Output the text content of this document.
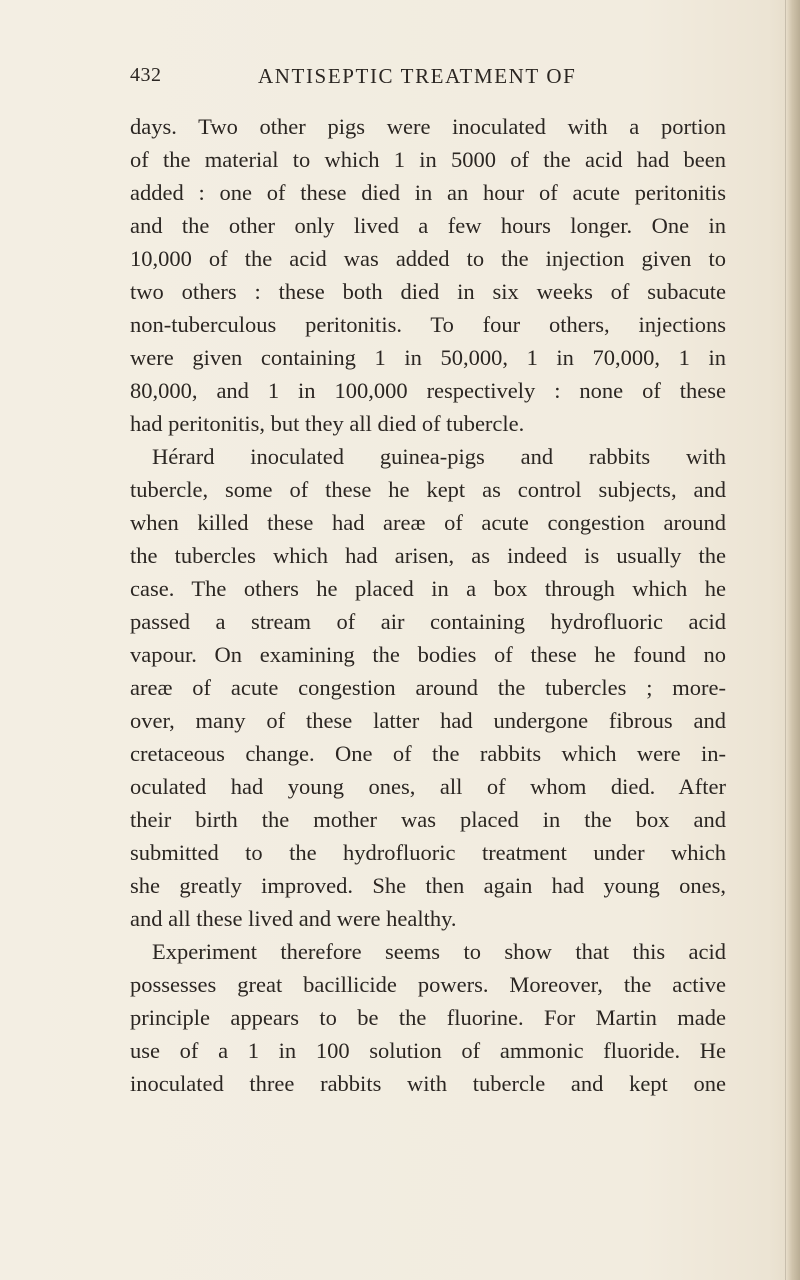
432	ANTISEPTIC TREATMENT OF
days. Two other pigs were inoculated with a portion
of the material to which 1 in 5000 of the acid had been
added : one of these died in an hour of acute peritonitis
and the other only lived a few hours longer. One in
10,000 of the acid was added to the injection given to
two others : these both died in six weeks of subacute
non-tuberculous peritonitis. To four others, injections
were given containing 1 in 50,000, 1 in 70,000, 1 in
80,000, and 1 in 100,000 respectively : none of these
had peritonitis, but they all died of tubercle.
Hérard inoculated guinea-pigs and rabbits with
tubercle, some of these he kept as control subjects, and
when killed these had areæ of acute congestion around
the tubercles which had arisen, as indeed is usually the
case. The others he placed in a box through which he
passed a stream of air containing hydrofluoric acid
vapour. On examining the bodies of these he found no
areæ of acute congestion around the tubercles ; more-
over, many of these latter had undergone fibrous and
cretaceous change. One of the rabbits which were in-
oculated had young ones, all of whom died. After
their birth the mother was placed in the box and
submitted to the hydrofluoric treatment under which
she greatly improved. She then again had young ones,
and all these lived and were healthy.
Experiment therefore seems to show that this acid
possesses great bacillicide powers. Moreover, the active
principle appears to be the fluorine. For Martin made
use of a 1 in 100 solution of ammonic fluoride. He
inoculated three rabbits with tubercle and kept one
